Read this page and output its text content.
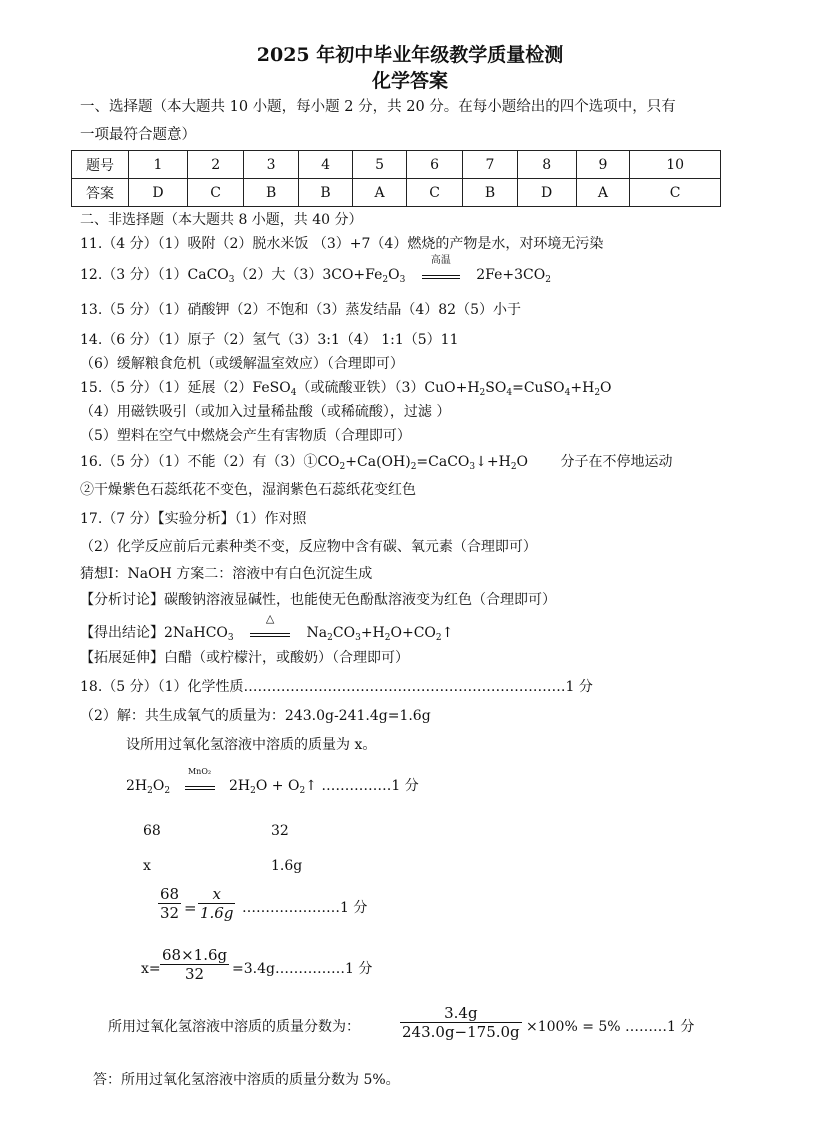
2025 年初中毕业年级教学质量检测
化学答案
一、选择题（本大题共 10 小题，每小题 2 分，共 20 分。在每小题给出的四个选项中，只有
一项最符合题意）
题号	1	2	3	4	5	6	7	8	9	10
答案	D	C	B	B	A	C	B	D	A	C
二、非选择题（本大题共 8 小题，共 40 分）
11.（4 分）（1）吸附（2）脱水米饭 （3）+7（4）燃烧的产物是水，对环境无污染
12.（3 分）（1）CaCO$_3$（2）大$(3)3CO+Fe_2O_3$
高温
$2Fe+3CO_2$
13.（5 分）（1）硝酸钾（2）不饱和（3）蒸发结晶（4）82（5）小于
14.（6 分）（1）原子（2）氢气（3）3:1（4） 1:1（5）11
（6）缓解粮食危机（或缓解温室效应）（合理即可）
15.（5 分）（1）延展（2）FeSO$_4$（或硫酸亚铁）$(3)CuO+H_2SO_4=CuSO_4+H_2O$
（4）用磁铁吸引（或加入过量稀盐酸（或稀硫酸），过滤 ）
（5）塑料在空气中燃烧会产生有害物质（合理即可）
16.（5 分）（1）不能（2）有$(3)①CO_2+Ca(OH)_2=CaCO_3↓+H_2O$ 分子在不停地运动
②干燥紫色石蕊纸花不变色，湿润紫色石蕊纸花变红色
17.（7 分）【实验分析】（1）作对照
（2）化学反应前后元素种类不变，反应物中含有碳、氧元素（合理即可）
猜想Ⅰ：NaOH 方案二：溶液中有白色沉淀生成
【分析讨论】碳酸钠溶液显碱性，也能使无色酚酞溶液变为红色（合理即可）
【得出结论】2NaHCO$_3$
△
$Na_2CO_3+H_2O+CO_2↑$
【拓展延伸】白醋（或柠檬汁，或酸奶）（合理即可）
18.（5 分）（1）化学性质……………………………………………………………1 分
（2）解：共生成氧气的质量为：243.0g-241.4g=1.6g
设所用过氧化氢溶液中溶质的质量为 x。
$2H_2O_2$
MnO₂
$2H_2O$ + $O_2↑$ ……………1 分
68	32
x	1.6g
68
32 =
x
1.6g …………………1 分
x=
68×1.6g
32	=3.4g……………1 分
所用过氧化氢溶液中溶质的质量分数为：
3.4g
243.0g−175.0g ×100% = 5% ………1 分
答：所用过氧化氢溶液中溶质的质量分数为 5%。
